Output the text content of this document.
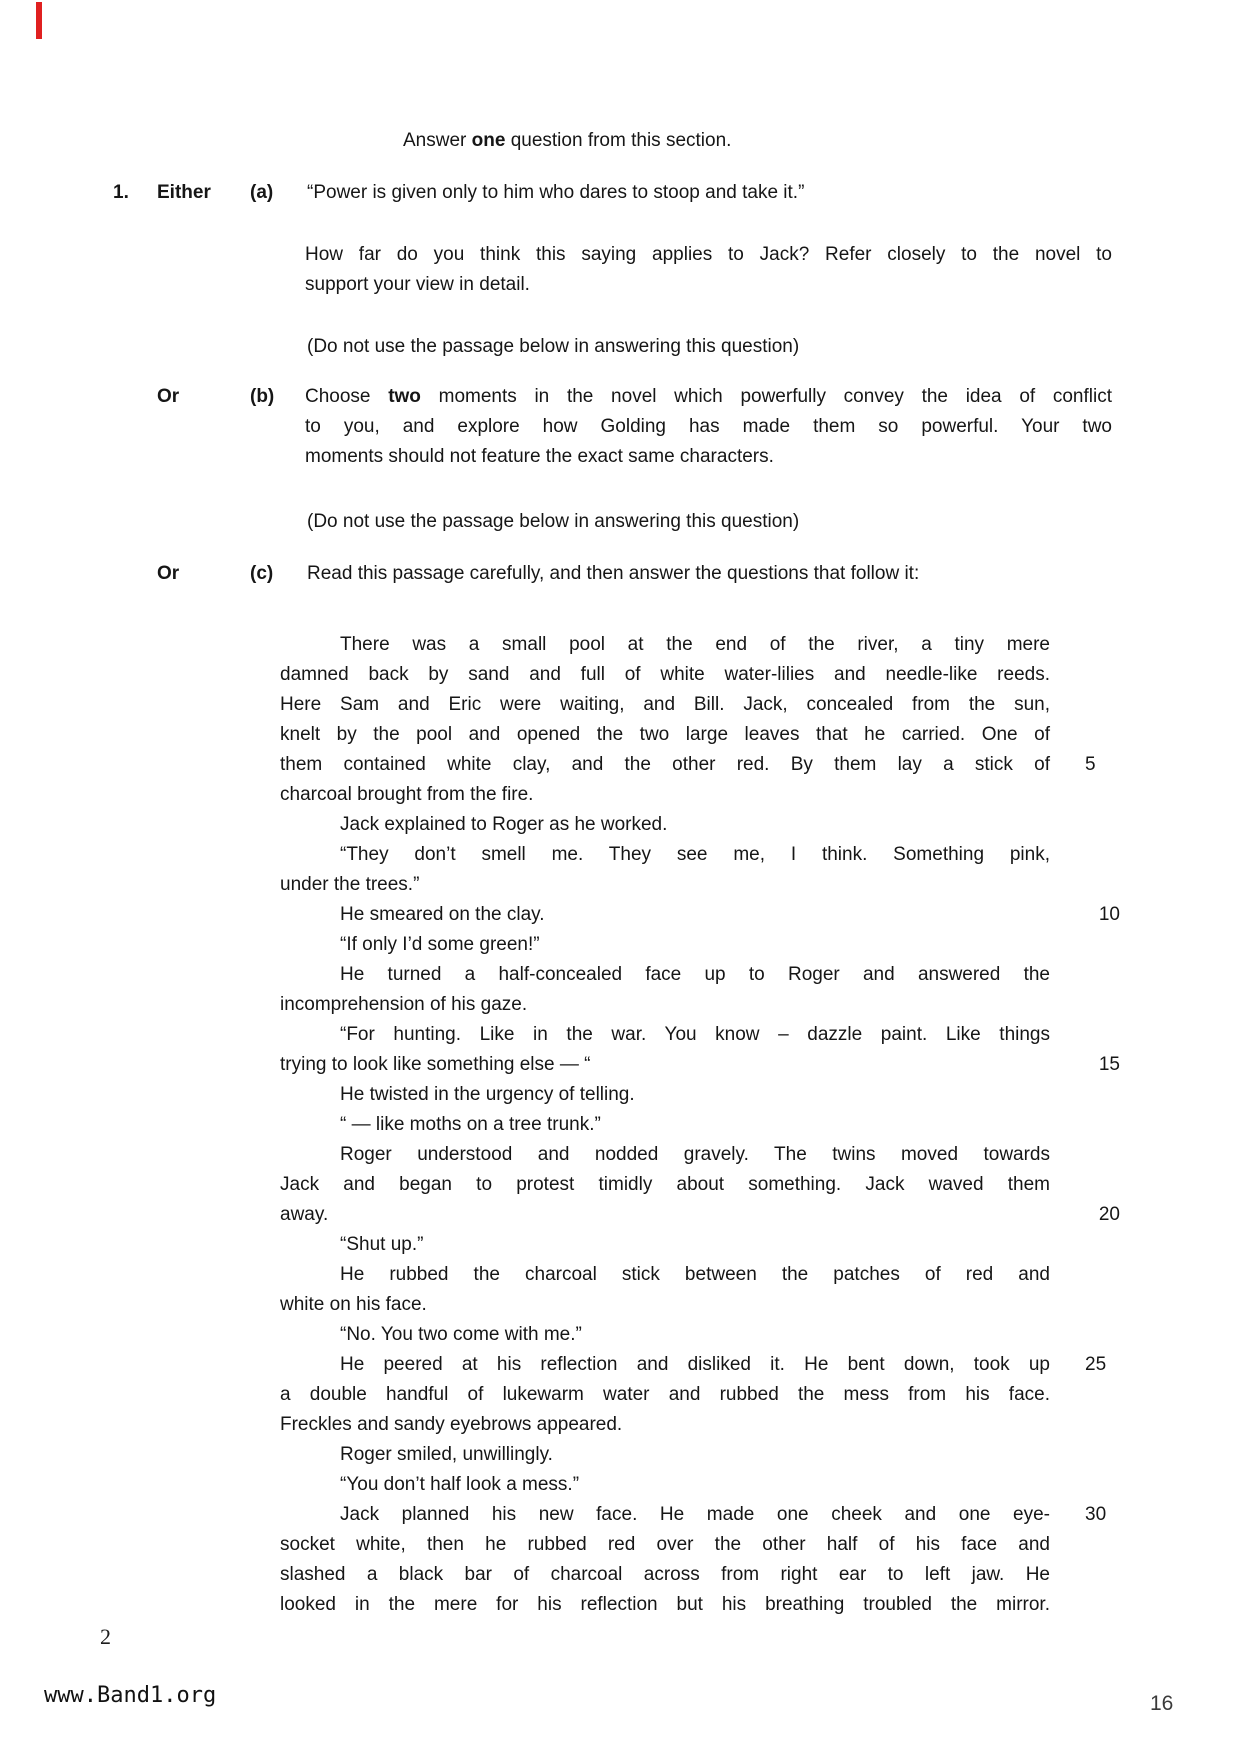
Answer one question from this section.
1. Either (a) “Power is given only to him who dares to stoop and take it.”
How far do you think this saying applies to Jack? Refer closely to the novel to
support your view in detail.
(Do not use the passage below in answering this question)
Or	(b) Choose two moments in the novel which powerfully convey the idea of conflict
to you, and explore how Golding has made them so powerful. Your two
moments should not feature the exact same characters.
(Do not use the passage below in answering this question)
Or	(c) Read this passage carefully, and then answer the questions that follow it:
There was a small pool at the end of the river, a tiny mere
damned back by sand and full of white water-lilies and needle-like reeds.
Here Sam and Eric were waiting, and Bill. Jack, concealed from the sun,
knelt by the pool and opened the two large leaves that he carried. One of
them contained white clay, and the other red. By them lay a stick of 5
charcoal brought from the fire.
Jack explained to Roger as he worked.
“They don’t smell me. They see me, I think. Something pink,
under the trees.”
He smeared on the clay.	10
“If only I’d some green!”
He turned a half-concealed face up to Roger and answered the
incomprehension of his gaze.
“For hunting. Like in the war. You know – dazzle paint. Like things
trying to look like something else — “	15
He twisted in the urgency of telling.
“ — like moths on a tree trunk.”
Roger understood and nodded gravely. The twins moved towards
Jack and began to protest timidly about something. Jack waved them
away.	20
“Shut up.”
He rubbed the charcoal stick between the patches of red and
white on his face.
“No. You two come with me.”
He peered at his reflection and disliked it. He bent down, took up 25
a double handful of lukewarm water and rubbed the mess from his face.
Freckles and sandy eyebrows appeared.
Roger smiled, unwillingly.
“You don’t half look a mess.”
Jack planned his new face. He made one cheek and one eye- 30
socket white, then he rubbed red over the other half of his face and
slashed a black bar of charcoal across from right ear to left jaw. He
looked in the mere for his reflection but his breathing troubled the mirror.
2
www.Band1.org	16
